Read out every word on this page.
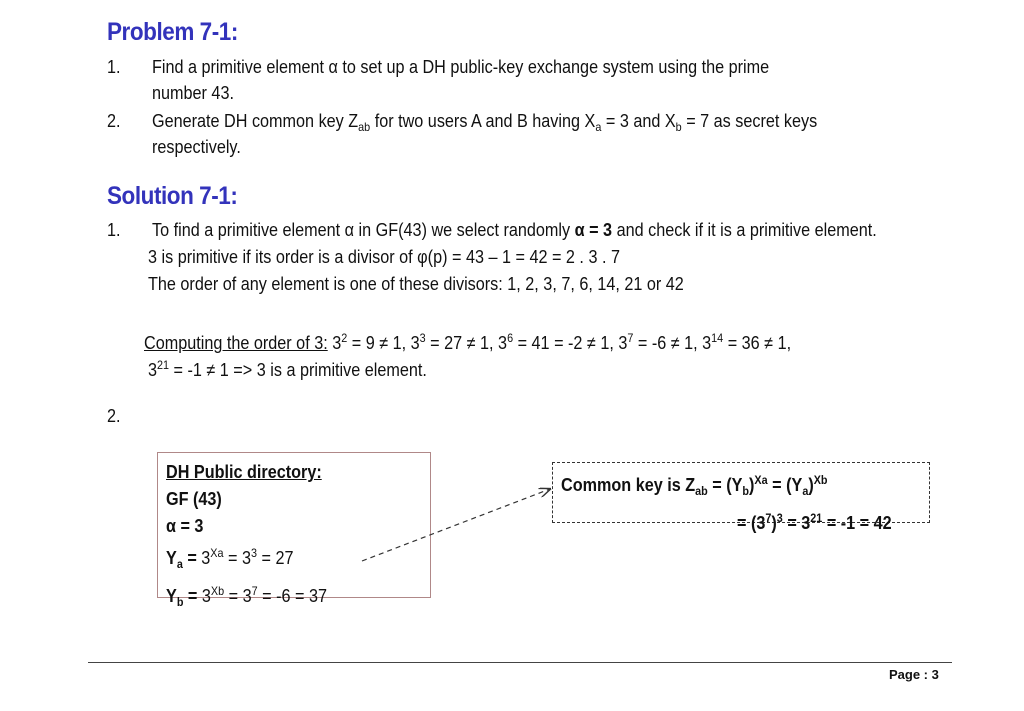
Problem 7-1:
1. Find a primitive element α to set up a DH public-key exchange system using the prime
number 43.
2. Generate DH common key $Z_{ab}$ for two users A and B having $X_a = 3$ and $X_b = 7$ as secret keys
respectively.
Solution 7-1:
1. To find a primitive element α in GF(43) we select randomly α = 3 and check if it is a primitive element.
3 is primitive if its order is a divisor of φ(p) = 43 – 1 = 42 = 2 . 3 . 7
The order of any element is one of these divisors: 1, 2, 3, 7, 6, 14, 21 or 42
Computing the order of 3: $3^2 = 9 \ne 1$, $3^3 = 27 \ne 1$, $3^6 = 41 = -2 \ne 1$, $3^7 = -6 \ne 1$, $3^{14} = 36 \ne 1$,
$3^{21} = -1 \ne 1 => 3$ is a primitive element.
2.
DH Public directory:
GF (43)
α = 3
$Y_a = 3^{Xa} = 3^3 = 27$
$Y_b = 3^{Xb} = 3^7 = -6 = 37$
Common key is $Z_{ab} = (Y_b)^{Xa} = (Y_a)^{Xb}$
= $(3^7)^3 = 3^{21} = -1 = 42$
Page : 3
